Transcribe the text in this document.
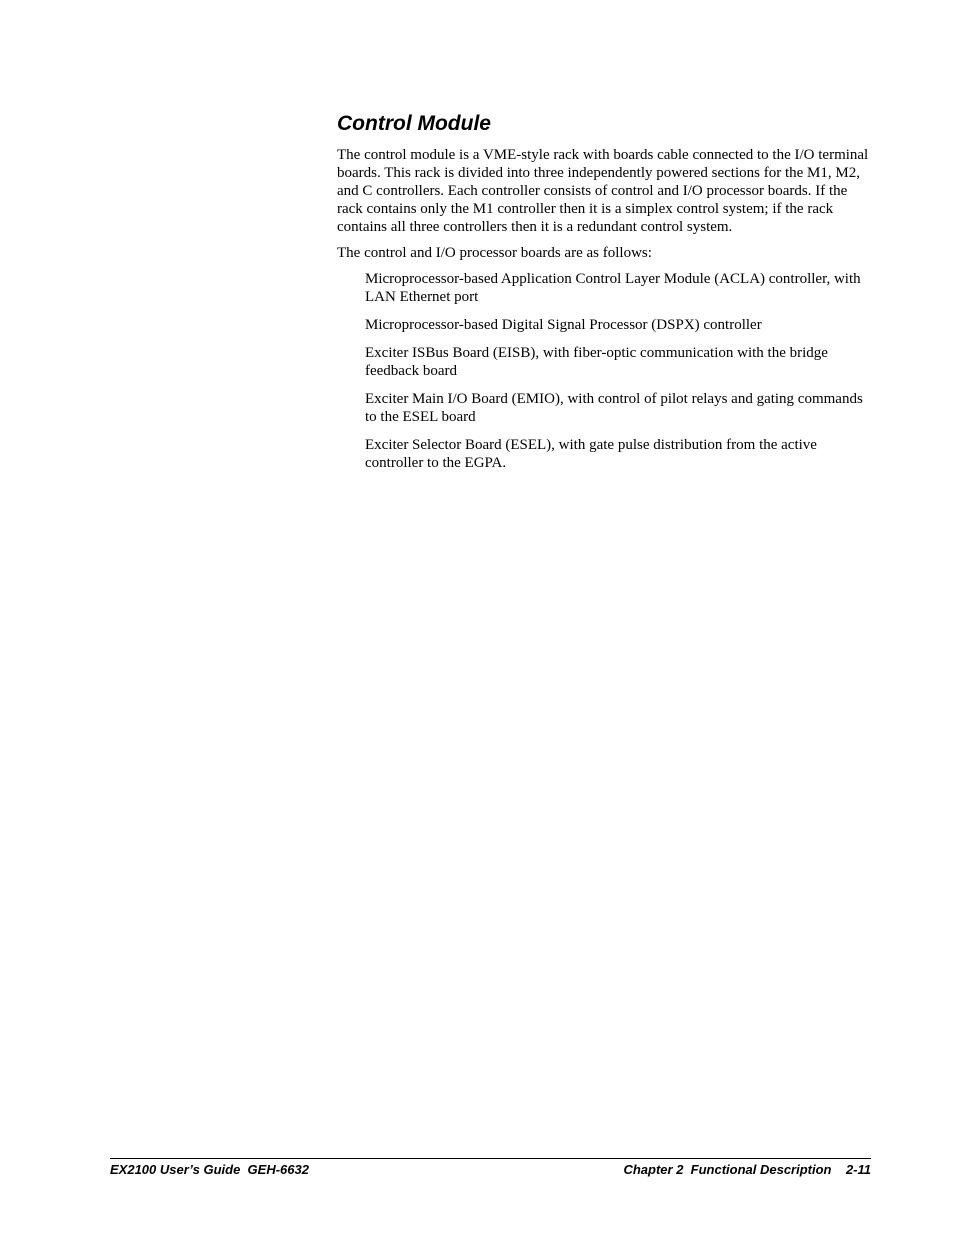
Control Module

The control module is a VME-style rack with boards cable connected to the I/O terminal boards. This rack is divided into three independently powered sections for the M1, M2, and C controllers. Each controller consists of control and I/O processor boards. If the rack contains only the M1 controller then it is a simplex control system; if the rack contains all three controllers then it is a redundant control system.

The control and I/O processor boards are as follows:

Microprocessor-based Application Control Layer Module (ACLA) controller, with LAN Ethernet port
Microprocessor-based Digital Signal Processor (DSPX) controller
Exciter ISBus Board (EISB), with fiber-optic communication with the bridge feedback board
Exciter Main I/O Board (EMIO), with control of pilot relays and gating commands to the ESEL board
Exciter Selector Board (ESEL), with gate pulse distribution from the active controller to the EGPA.
EX2100 User’s Guide  GEH-6632	Chapter 2  Functional Description    2-11
